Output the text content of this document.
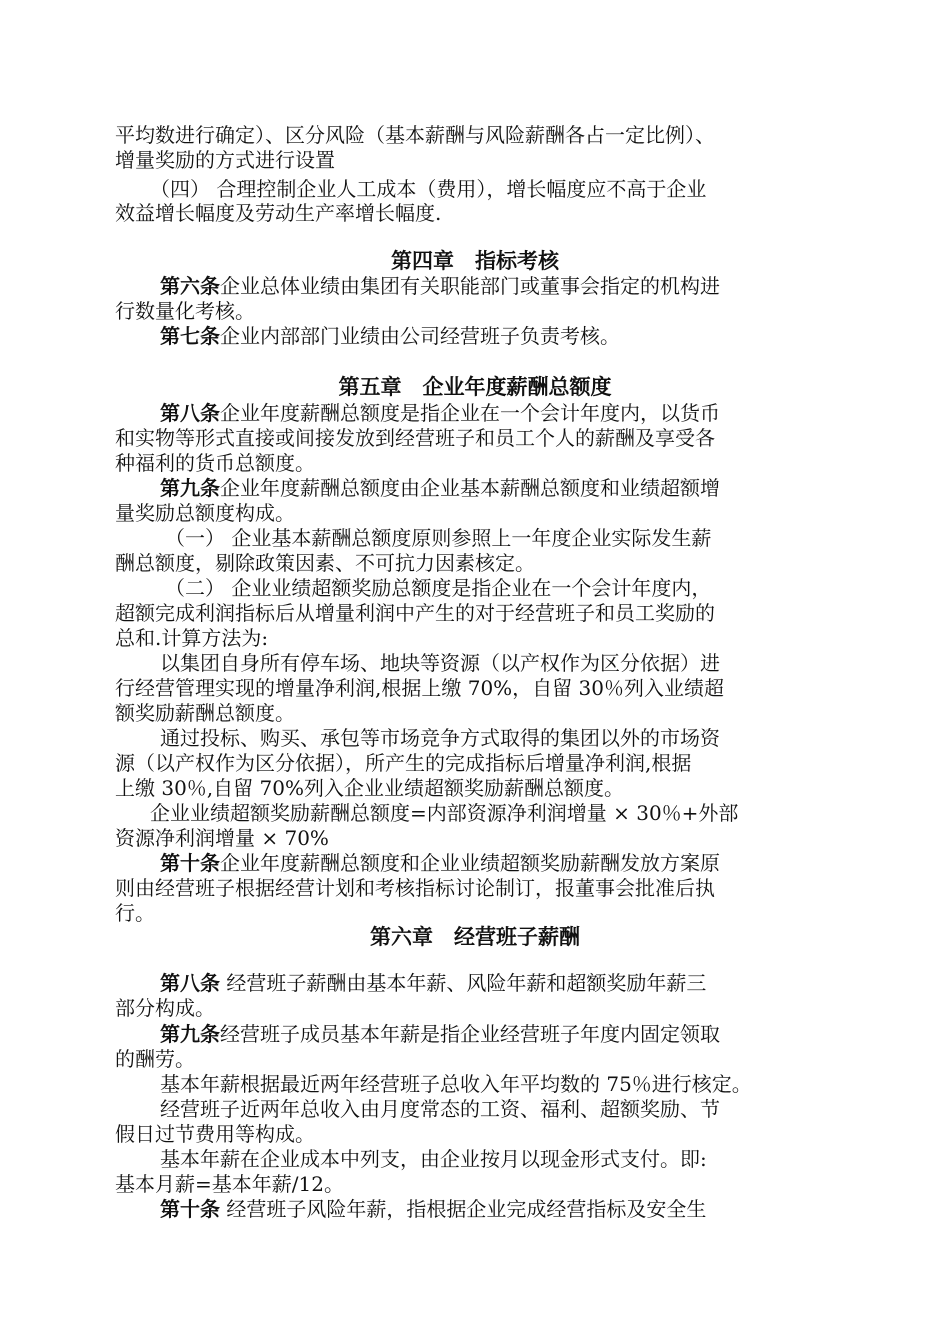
平均数进行确定）、区分风险（基本薪酬与风险薪酬各占一定比例）、
增量奖励的方式进行设置
（四） 合理控制企业人工成本（费用），增长幅度应不高于企业
效益增长幅度及劳动生产率增长幅度.
第四章　指标考核
第六条企业总体业绩由集团有关职能部门或董事会指定的机构进
行数量化考核。
第七条企业内部部门业绩由公司经营班子负责考核。
第五章　企业年度薪酬总额度
第八条企业年度薪酬总额度是指企业在一个会计年度内，以货币
和实物等形式直接或间接发放到经营班子和员工个人的薪酬及享受各
种福利的货币总额度。
第九条企业年度薪酬总额度由企业基本薪酬总额度和业绩超额增
量奖励总额度构成。
（一） 企业基本薪酬总额度原则参照上一年度企业实际发生薪
酬总额度，剔除政策因素、不可抗力因素核定。
（二） 企业业绩超额奖励总额度是指企业在一个会计年度内，
超额完成利润指标后从增量利润中产生的对于经营班子和员工奖励的
总和.计算方法为:
以集团自身所有停车场、地块等资源（以产权作为区分依据）进
行经营管理实现的增量净利润,根据上缴 70%，自留 30％列入业绩超
额奖励薪酬总额度。
通过投标、购买、承包等市场竞争方式取得的集团以外的市场资
源（以产权作为区分依据），所产生的完成指标后增量净利润,根据
上缴 30％,自留 70%列入企业业绩超额奖励薪酬总额度。
企业业绩超额奖励薪酬总额度=内部资源净利润增量 × 30％+外部
资源净利润增量 × 70%
第十条企业年度薪酬总额度和企业业绩超额奖励薪酬发放方案原
则由经营班子根据经营计划和考核指标讨论制订，报董事会批准后执
行。
第六章　经营班子薪酬
第八条 经营班子薪酬由基本年薪、风险年薪和超额奖励年薪三
部分构成。
第九条经营班子成员基本年薪是指企业经营班子年度内固定领取
的酬劳。
基本年薪根据最近两年经营班子总收入年平均数的 75％进行核定。
经营班子近两年总收入由月度常态的工资、福利、超额奖励、节
假日过节费用等构成。
基本年薪在企业成本中列支，由企业按月以现金形式支付。即:
基本月薪=基本年薪/12。
第十条 经营班子风险年薪，指根据企业完成经营指标及安全生
